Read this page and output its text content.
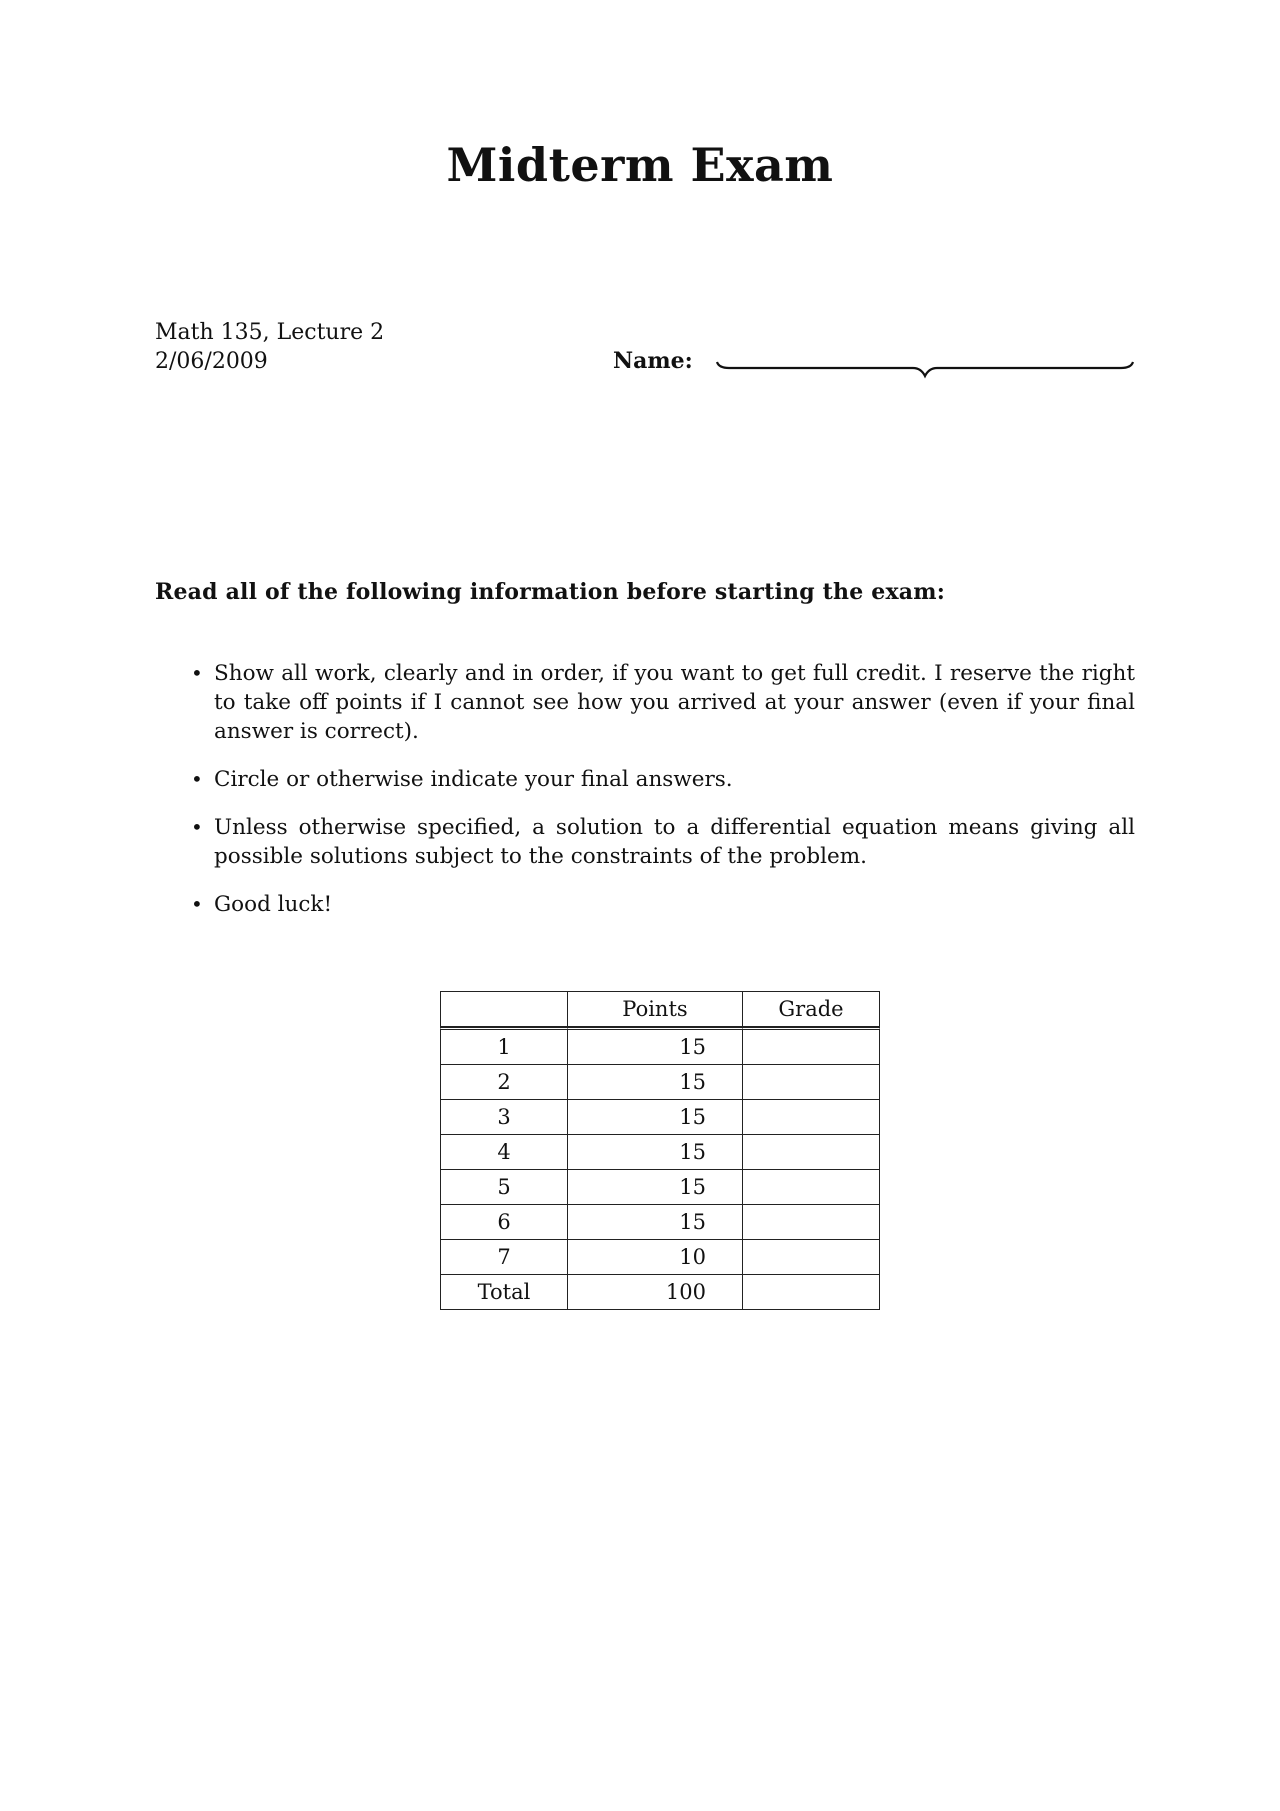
Midterm Exam
Math 135, Lecture 2
2/06/2009	Name:
Read all of the following information before starting the exam:
• Show all work, clearly and in order, if you want to get full credit. I reserve the right to take off points if I cannot see how you arrived at your answer (even if your final answer is correct).
• Circle or otherwise indicate your final answers.
• Unless otherwise specified, a solution to a differential equation means giving all possible solutions subject to the constraints of the problem.
• Good luck!
	Points	Grade
1	15	
2	15	
3	15	
4	15	
5	15	
6	15	
7	10	
Total	100	
